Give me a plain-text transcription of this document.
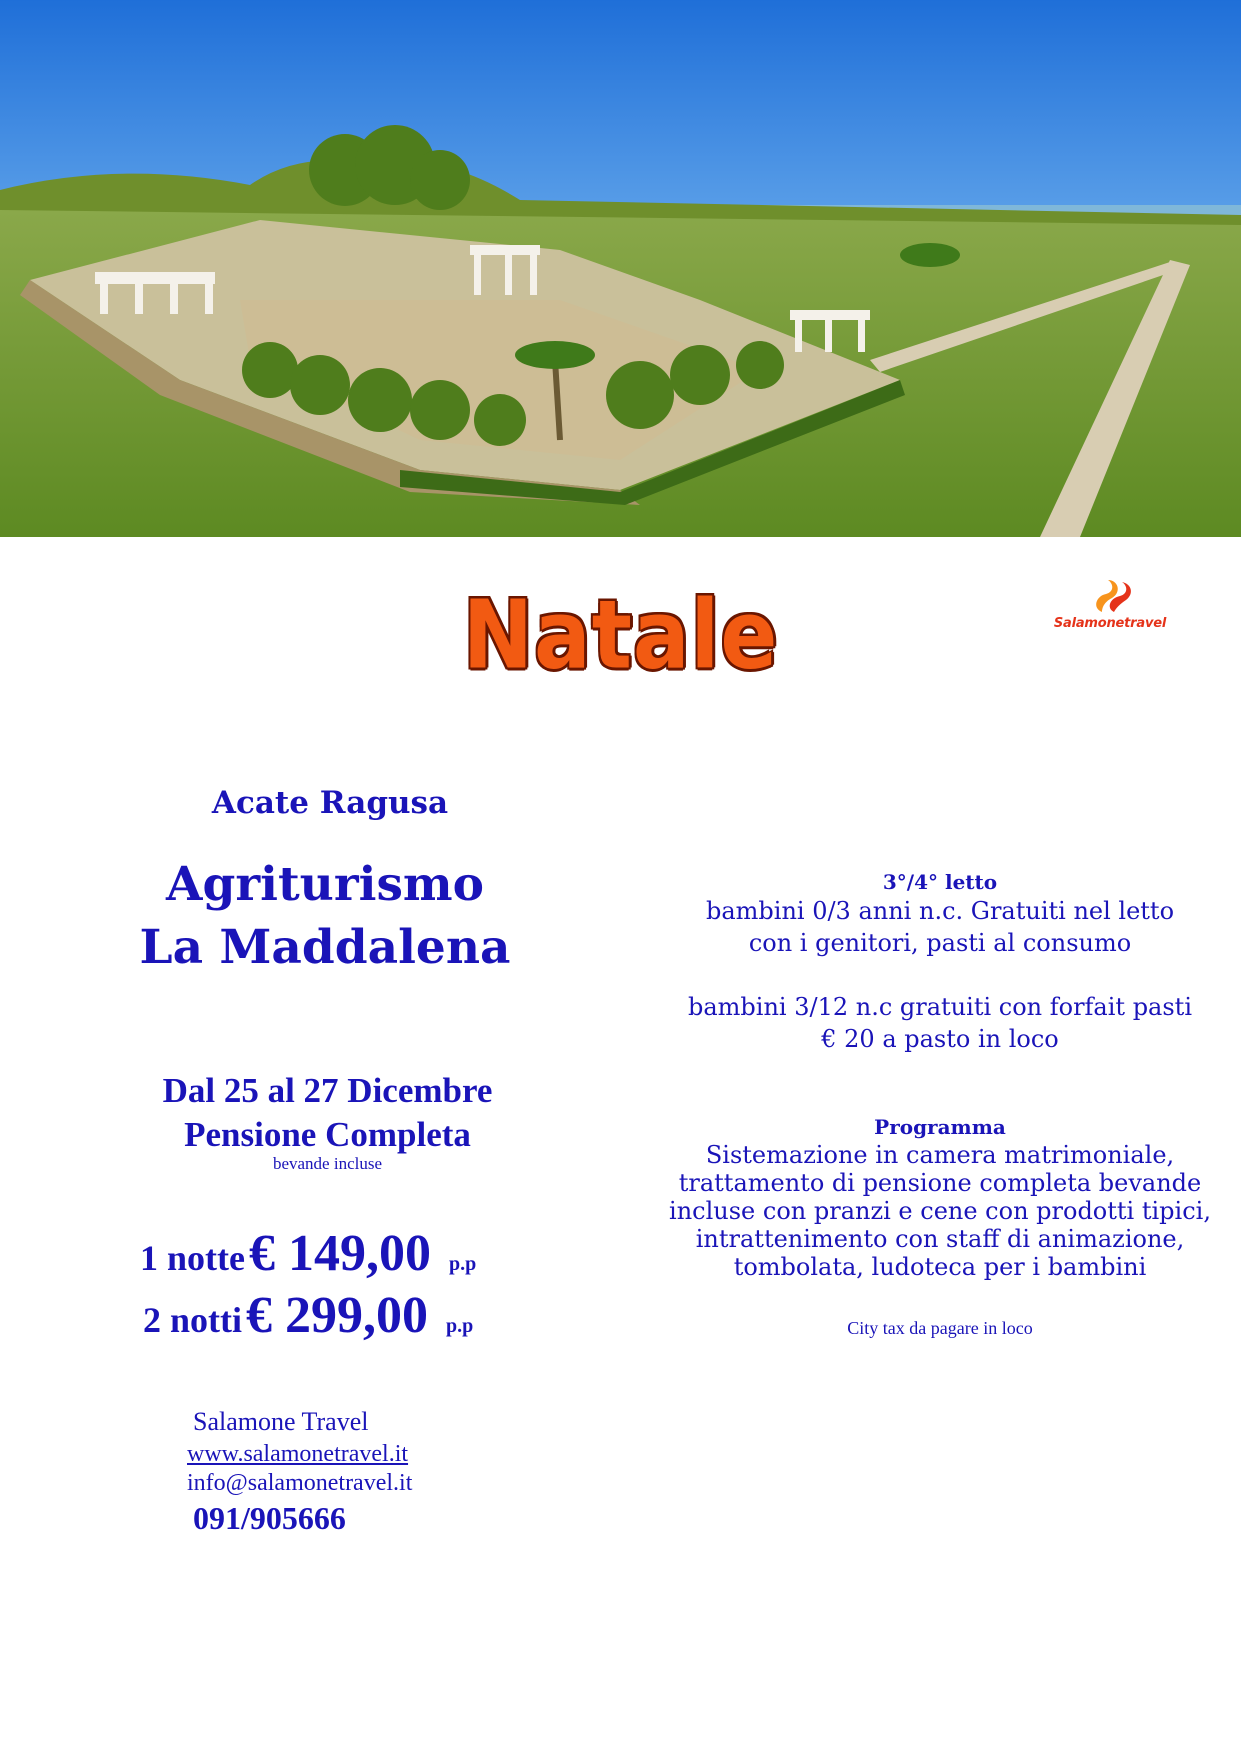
Natale	Salamonetravel
Acate Ragusa
Agriturismo
La Maddalena
Dal 25 al 27 Dicembre
Pensione Completa
bevande incluse
1 notte € 149,00 p.p
2 notti € 299,00 p.p
Salamone Travel
www.salamonetravel.it
info@salamonetravel.it
091/905666
3°/4° letto
bambini 0/3 anni n.c. Gratuiti nel letto
con i genitori, pasti al consumo
bambini 3/12 n.c gratuiti con forfait pasti
€ 20 a pasto in loco
Programma
Sistemazione in camera matrimoniale,
trattamento di pensione completa bevande
incluse con pranzi e cene con prodotti tipici,
intrattenimento con staff di animazione,
tombolata, ludoteca per i bambini
City tax da pagare in loco
